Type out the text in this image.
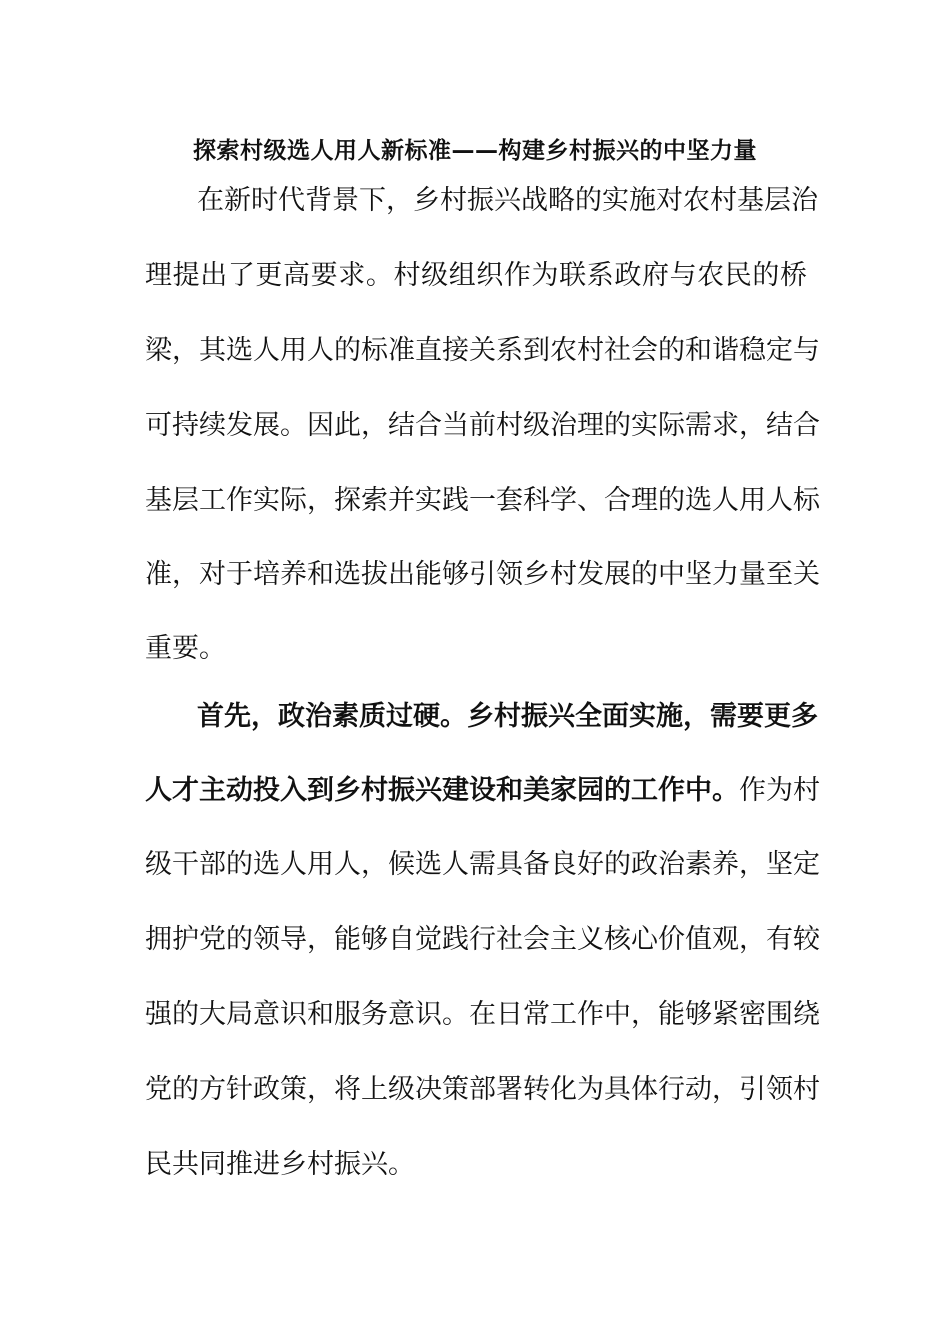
探索村级选人用人新标准——构建乡村振兴的中坚力量
在新时代背景下，乡村振兴战略的实施对农村基层治
理提出了更高要求。村级组织作为联系政府与农民的桥
梁，其选人用人的标准直接关系到农村社会的和谐稳定与
可持续发展。因此，结合当前村级治理的实际需求，结合
基层工作实际，探索并实践一套科学、合理的选人用人标
准，对于培养和选拔出能够引领乡村发展的中坚力量至关
重要。
首先，政治素质过硬。乡村振兴全面实施，需要更多
人才主动投入到乡村振兴建设和美家园的工作中。作为村
级干部的选人用人，候选人需具备良好的政治素养，坚定
拥护党的领导，能够自觉践行社会主义核心价值观，有较
强的大局意识和服务意识。在日常工作中，能够紧密围绕
党的方针政策，将上级决策部署转化为具体行动，引领村
民共同推进乡村振兴。
